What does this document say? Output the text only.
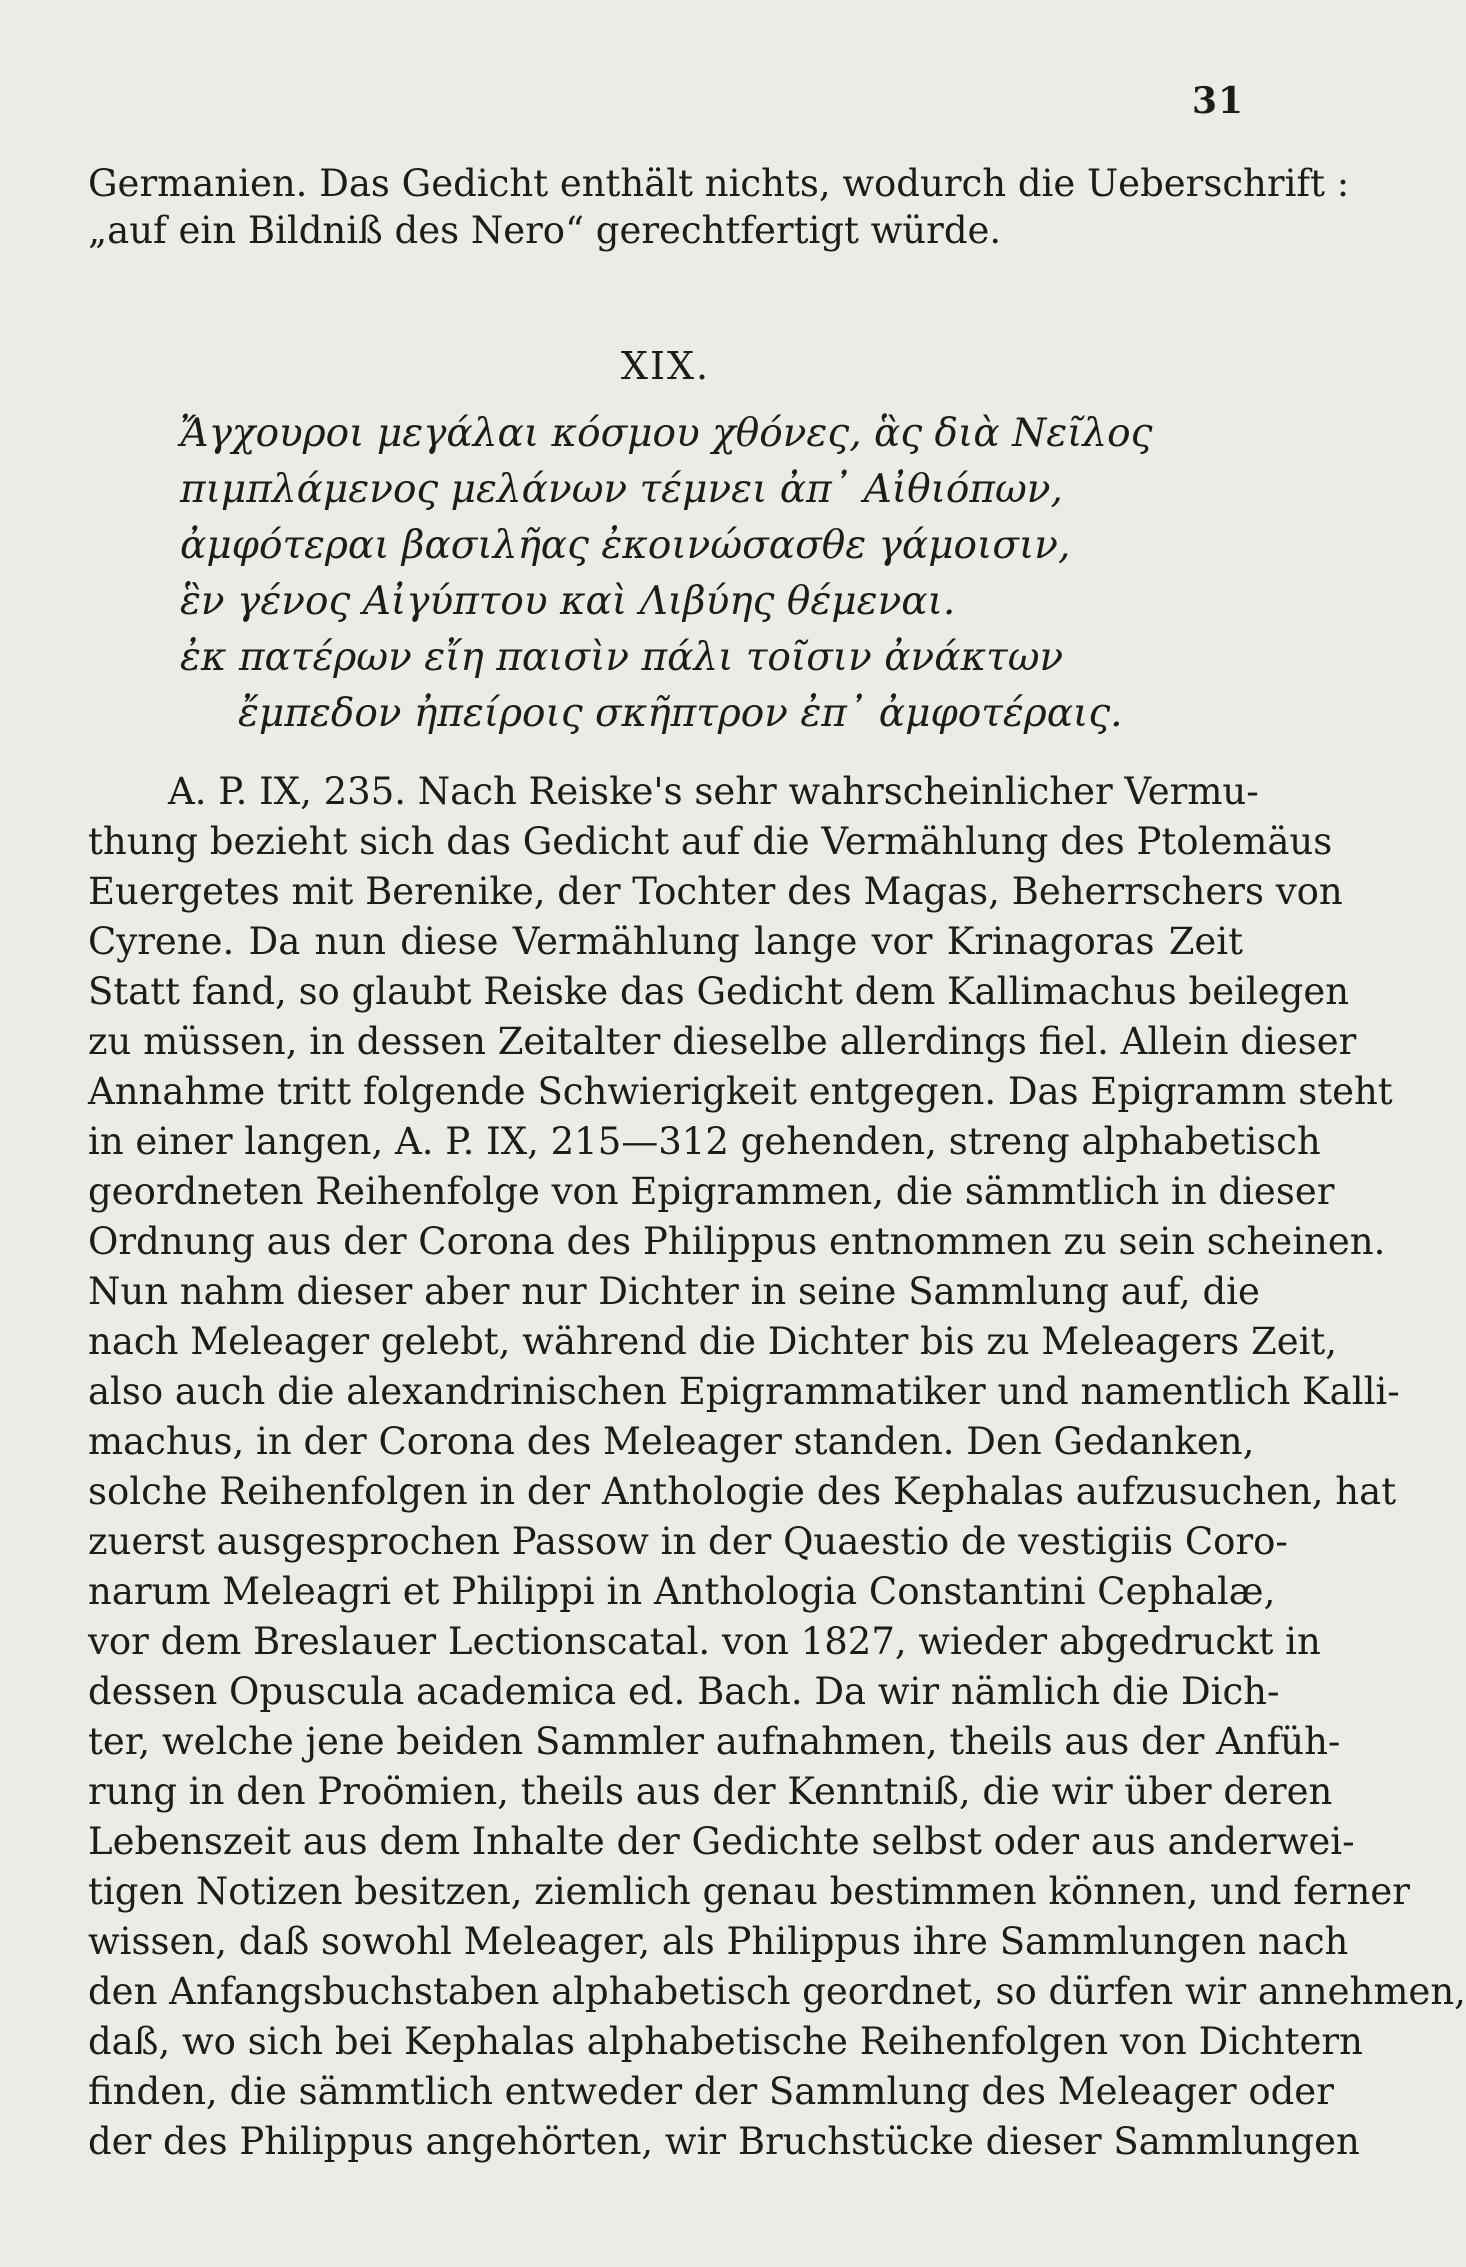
31
Germanien. Das Gedicht enthält nichts, wodurch die Ueberschrift :
„auf ein Bildniß des Nero“ gerechtfertigt würde.
XIX.
Ἄγχουροι μεγάλαι κόσμου χθόνες, ἃς διὰ Νεῖλος
πιμπλάμενος μελάνων τέμνει ἀπ᾽ Αἰθιόπων,
ἀμφότεραι βασιλῆας ἐκοινώσασθε γάμοισιν,
ἓν γένος Αἰγύπτου καὶ Λιβύης θέμεναι.
ἐκ πατέρων εἴη παισὶν πάλι τοῖσιν ἀνάκτων
ἔμπεδον ἠπείροις σκῆπτρον ἐπ᾽ ἀμφοτέραις.
A. P. IX, 235. Nach Reiske's sehr wahrscheinlicher Vermu-
thung bezieht sich das Gedicht auf die Vermählung des Ptolemäus
Euergetes mit Berenike, der Tochter des Magas, Beherrschers von
Cyrene. Da nun diese Vermählung lange vor Krinagoras Zeit
Statt fand, so glaubt Reiske das Gedicht dem Kallimachus beilegen
zu müssen, in dessen Zeitalter dieselbe allerdings fiel. Allein dieser
Annahme tritt folgende Schwierigkeit entgegen. Das Epigramm steht
in einer langen, A. P. IX, 215—312 gehenden, streng alphabetisch
geordneten Reihenfolge von Epigrammen, die sämmtlich in dieser
Ordnung aus der Corona des Philippus entnommen zu sein scheinen.
Nun nahm dieser aber nur Dichter in seine Sammlung auf, die
nach Meleager gelebt, während die Dichter bis zu Meleagers Zeit,
also auch die alexandrinischen Epigrammatiker und namentlich Kalli-
machus, in der Corona des Meleager standen. Den Gedanken,
solche Reihenfolgen in der Anthologie des Kephalas aufzusuchen, hat
zuerst ausgesprochen Passow in der Quaestio de vestigiis Coro-
narum Meleagri et Philippi in Anthologia Constantini Cephalæ,
vor dem Breslauer Lectionscatal. von 1827, wieder abgedruckt in
dessen Opuscula academica ed. Bach. Da wir nämlich die Dich-
ter, welche jene beiden Sammler aufnahmen, theils aus der Anfüh-
rung in den Proömien, theils aus der Kenntniß, die wir über deren
Lebenszeit aus dem Inhalte der Gedichte selbst oder aus anderwei-
tigen Notizen besitzen, ziemlich genau bestimmen können, und ferner
wissen, daß sowohl Meleager, als Philippus ihre Sammlungen nach
den Anfangsbuchstaben alphabetisch geordnet, so dürfen wir annehmen,
daß, wo sich bei Kephalas alphabetische Reihenfolgen von Dichtern
finden, die sämmtlich entweder der Sammlung des Meleager oder
der des Philippus angehörten, wir Bruchstücke dieser Sammlungen
